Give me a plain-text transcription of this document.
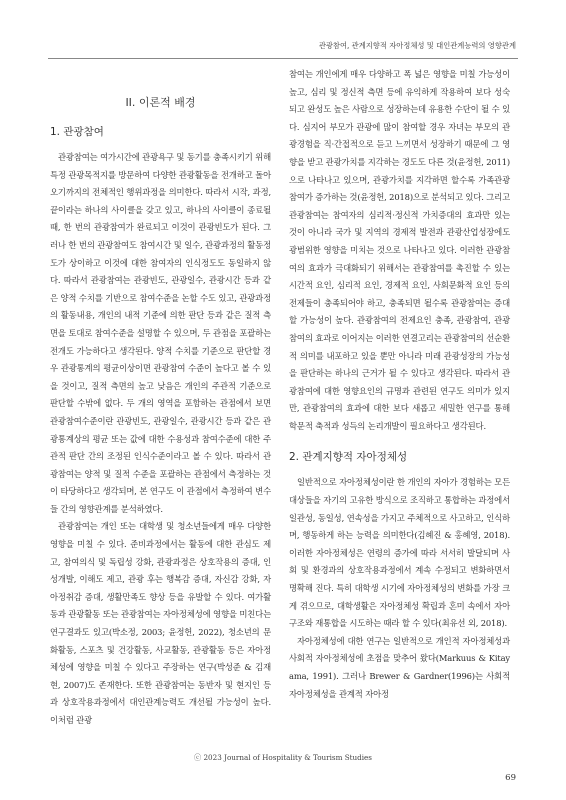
관광참여, 관계지향적 자아정체성 및 대인관계능력의 영향관계
II. 이론적 배경
1. 관광참여

관광참여는 여가시간에 관광욕구 및 동기를 충족시키기 위해 특정 관광목적지를 방문하여 다양한 관광활동을 전개하고 돌아오기까지의 전체적인 행위과정을 의미한다. 따라서 시작, 과정, 끝이라는 하나의 사이클을 갖고 있고, 하나의 사이클이 종료될 때, 한 번의 관광참여가 완료되고 이것이 관광빈도가 된다. 그러나 한 번의 관광참여도 참여시간 및 일수, 관광과정의 활동정도가 상이하고 이것에 대한 참여자의 인식정도도 동일하지 않다. 따라서 관광참여는 관광빈도, 관광일수, 관광시간 등과 같은 양적 수치를 기반으로 참여수준을 논할 수도 있고, 관광과정의 활동내용, 개인의 내적 기준에 의한 판단 등과 같은 질적 측면을 토대로 참여수준을 설명할 수 있으며, 두 관점을 포괄하는 전개도 가능하다고 생각된다. 양적 수치를 기준으로 판단할 경우 관광통계의 평균이상이면 관광참여 수준이 높다고 볼 수 있을 것이고, 질적 측면의 높고 낮음은 개인의 주관적 기준으로 판단할 수밖에 없다. 두 개의 영역을 포함하는 관점에서 보면 관광참여수준이란 관광빈도, 관광일수, 관광시간 등과 같은 관광통계상의 평균 또는 값에 대한 수용성과 참여수준에 대한 주관적 판단 간의 조정된 인식수준이라고 볼 수 있다. 따라서 관광참여는 양적 및 질적 수준을 포괄하는 관점에서 측정하는 것이 타당하다고 생각되며, 본 연구도 이 관점에서 측정하여 변수들 간의 영향관계를 분석하였다.

관광참여는 개인 또는 대학생 및 청소년들에게 매우 다양한 영향을 미칠 수 있다. 준비과정에서는 활동에 대한 관심도 제고, 참여의식 및 독립성 강화, 관광과정은 상호작용의 증대, 인성개발, 이해도 제고, 관광 후는 행복감 증대, 자신감 강화, 자아정취감 증대, 생활만족도 향상 등을 유발할 수 있다. 여가활동과 관광활동 또는 관광참여는 자아정체성에 영향을 미친다는 연구결과도 있고(박소정, 2003; 윤정헌, 2022), 청소년의 문화활동, 스포츠 및 건강활동, 사교활동, 관광활동 등은 자아정체성에 영향을 미칠 수 있다고 주장하는 연구(박성준 & 김재현, 2007)도 존재한다. 또한 관광참여는 동반자 및 현지인 등과 상호작용과정에서 대인관계능력도 개선될 가능성이 높다. 이처럼 관광

참여는 개인에게 매우 다양하고 폭 넓은 영향을 미칠 가능성이 높고, 심리 및 정신적 측면 등에 유익하게 작용하여 보다 성숙되고 완성도 높은 사람으로 성장하는데 유용한 수단이 될 수 있다. 심지어 부모가 관광에 많이 참여할 경우 자녀는 부모의 관광경험을 직·간접적으로 듣고 느끼면서 성장하기 때문에 그 영향을 받고 관광가치를 지각하는 경도도 다른 것(윤정헌, 2011)으로 나타나고 있으며, 관광가치를 지각하면 할수록 가족관광참여가 증가하는 것(윤정헌, 2018)으로 분석되고 있다. 그리고 관광참여는 참여자의 심리적·정신적 가치증대의 효과만 있는 것이 아니라 국가 및 지역의 경제적 발전과 관광산업성장에도 광범위한 영향을 미치는 것으로 나타나고 있다. 이러한 관광참여의 효과가 극대화되기 위해서는 관광참여를 촉진할 수 있는 시간적 요인, 심리적 요인, 경제적 요인, 사회문화적 요인 등의 전제들이 충족되어야 하고, 충족되면 될수록 관광참여는 증대할 가능성이 높다. 관광참여의 전제요인 충족, 관광참여, 관광참여의 효과로 이어지는 이러한 연결고리는 관광참여의 선순환적 의미를 내포하고 있을 뿐만 아니라 미래 관광성장의 가능성을 판단하는 하나의 근거가 될 수 있다고 생각된다. 따라서 관광참여에 대한 영향요인의 규명과 관련된 연구도 의미가 있지만, 관광참여의 효과에 대한 보다 새롭고 세밀한 연구를 통해 학문적 축적과 성득의 논리개발이 필요하다고 생각된다.

2. 관계지향적 자아정체성

일반적으로 자아정체성이란 한 개인의 자아가 경험하는 모든 대상들을 자기의 고유한 방식으로 조직하고 통합하는 과정에서 일관성, 동일성, 연속성을 가지고 주체적으로 사고하고, 인식하며, 행동하게 하는 능력을 의미한다(김혜진 & 홍혜영, 2018). 이러한 자아정체성은 연령의 증가에 따라 서서히 발달되며 사회 및 환경과의 상호작용과정에서 계속 수정되고 변화하면서 명확해 진다. 특히 대학생 시기에 자아정체성의 변화를 가장 크게 겪으므로, 대학생활은 자아정체성 확립과 혼미 속에서 자아구조와 재통합을 시도하는 때라 할 수 있다(최유선 외, 2018).

자아정체성에 대한 연구는 일반적으로 개인적 자아정체성과 사회적 자아정체성에 초점을 맞추어 왔다(Markuus & Kitayama, 1991). 그러나 Brewer & Gardner(1996)는 사회적 자아정체성을 관계적 자아정

ⓒ 2023 Journal of Hospitality & Tourism Studies
69
